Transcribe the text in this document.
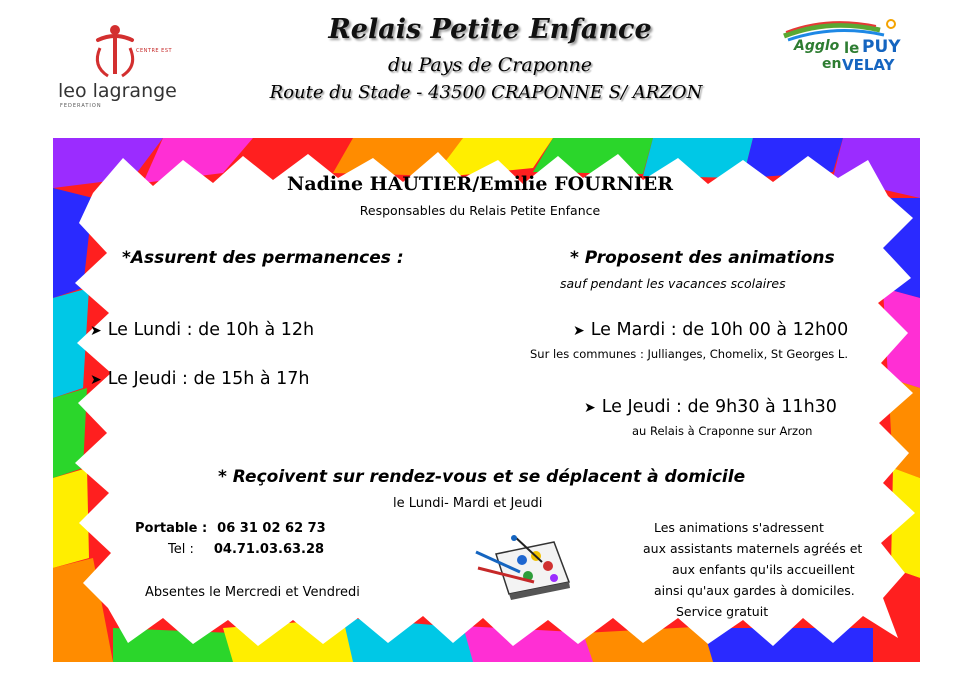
Relais Petite Enfance
du Pays de Craponne
Route du Stade - 43500 CRAPONNE S/ ARZON
CENTRE EST
leo lagrange
FEDERATION
Agglo le PUY
en VELAY
Nadine HAUTIER/Emilie FOURNIER
Responsables du Relais Petite Enfance
*Assurent des permanences :	* Proposent des animations
sauf pendant les vacances scolaires
➤ Le Lundi : de 10h à 12h
➤ Le Jeudi : de 15h à 17h
➤ Le Mardi : de 10h 00 à 12h00
Sur les communes : Jullianges, Chomelix, St Georges L.
➤ Le Jeudi : de 9h30 à 11h30
au Relais à Craponne sur Arzon
* Reçoivent sur rendez-vous et se déplacent à domicile
le Lundi- Mardi et Jeudi
Portable : 06 31 02 62 73
Tel : 04.71.03.63.28
Absentes le Mercredi et Vendredi
Les animations s'adressent
aux assistants maternels agréés et
aux enfants qu'ils accueillent
ainsi qu'aux gardes à domiciles.
Service gratuit
